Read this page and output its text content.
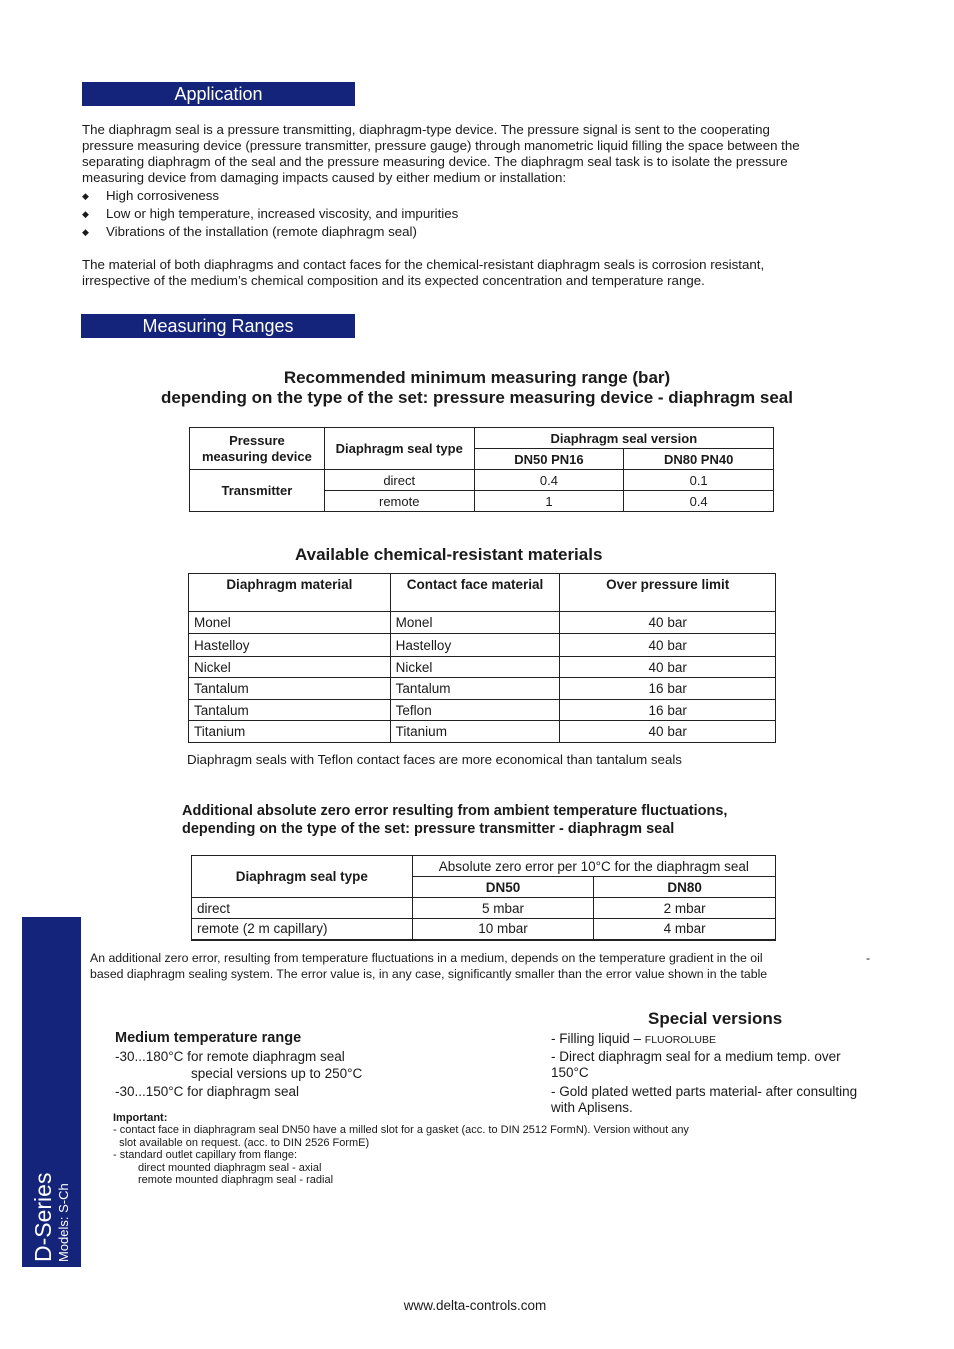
Application
The diaphragm seal is a pressure transmitting, diaphragm-type device. The pressure signal is sent to the cooperating
pressure measuring device (pressure transmitter, pressure gauge) through manometric liquid filling the space between the
separating diaphragm of the seal and the pressure measuring device. The diaphragm seal task is to isolate the pressure
measuring device from damaging impacts caused by either medium or installation:
◆ High corrosiveness
◆ Low or high temperature, increased viscosity, and impurities
◆ Vibrations of the installation (remote diaphragm seal)
The material of both diaphragms and contact faces for the chemical-resistant diaphragm seals is corrosion resistant,
irrespective of the medium’s chemical composition and its expected concentration and temperature range.
Measuring Ranges
Recommended minimum measuring range (bar)
depending on the type of the set: pressure measuring device - diaphragm seal
Pressure measuring device	Diaphragm seal type	Diaphragm seal version	
		DN50 PN16	DN80 PN40
Transmitter	direct	0.4	0.1
	remote	1	0.4
Available chemical-resistant materials
Diaphragm material	Contact face material	Over pressure limit
Monel	Monel	40 bar
Hastelloy	Hastelloy	40 bar
Nickel	Nickel	40 bar
Tantalum	Tantalum	16 bar
Tantalum	Teflon	16 bar
Titanium	Titanium	40 bar
Diaphragm seals with Teflon contact faces are more economical than tantalum seals
Additional absolute zero error resulting from ambient temperature fluctuations,
depending on the type of the set: pressure transmitter - diaphragm seal
Diaphragm seal type	Absolute zero error per 10°C for the diaphragm seal	
	DN50	DN80
direct	5 mbar	2 mbar
remote (2 m capillary)	10 mbar	4 mbar
An additional zero error, resulting from temperature fluctuations in a medium, depends on the temperature gradient in the oil
based diaphragm sealing system. The error value is, in any case, significantly smaller than the error value shown in the table
-
Medium temperature range
-30...180°C for remote diaphragm seal
special versions up to 250°C
-30...150°C for diaphragm seal
Special versions
- Filling liquid – FLUOROLUBE
- Direct diaphragm seal for a medium temp. over
150°C
- Gold plated wetted parts material- after consulting
with Aplisens.
Important:
- contact face in diaphragram seal DN50 have a milled slot for a gasket (acc. to DIN 2512 FormN). Version without any
slot available on request. (acc. to DIN 2526 FormE)
- standard outlet capillary from flange:
direct mounted diaphragm seal - axial
remote mounted diaphragm seal - radial
D-Series Models: S-Ch
www.delta-controls.com
